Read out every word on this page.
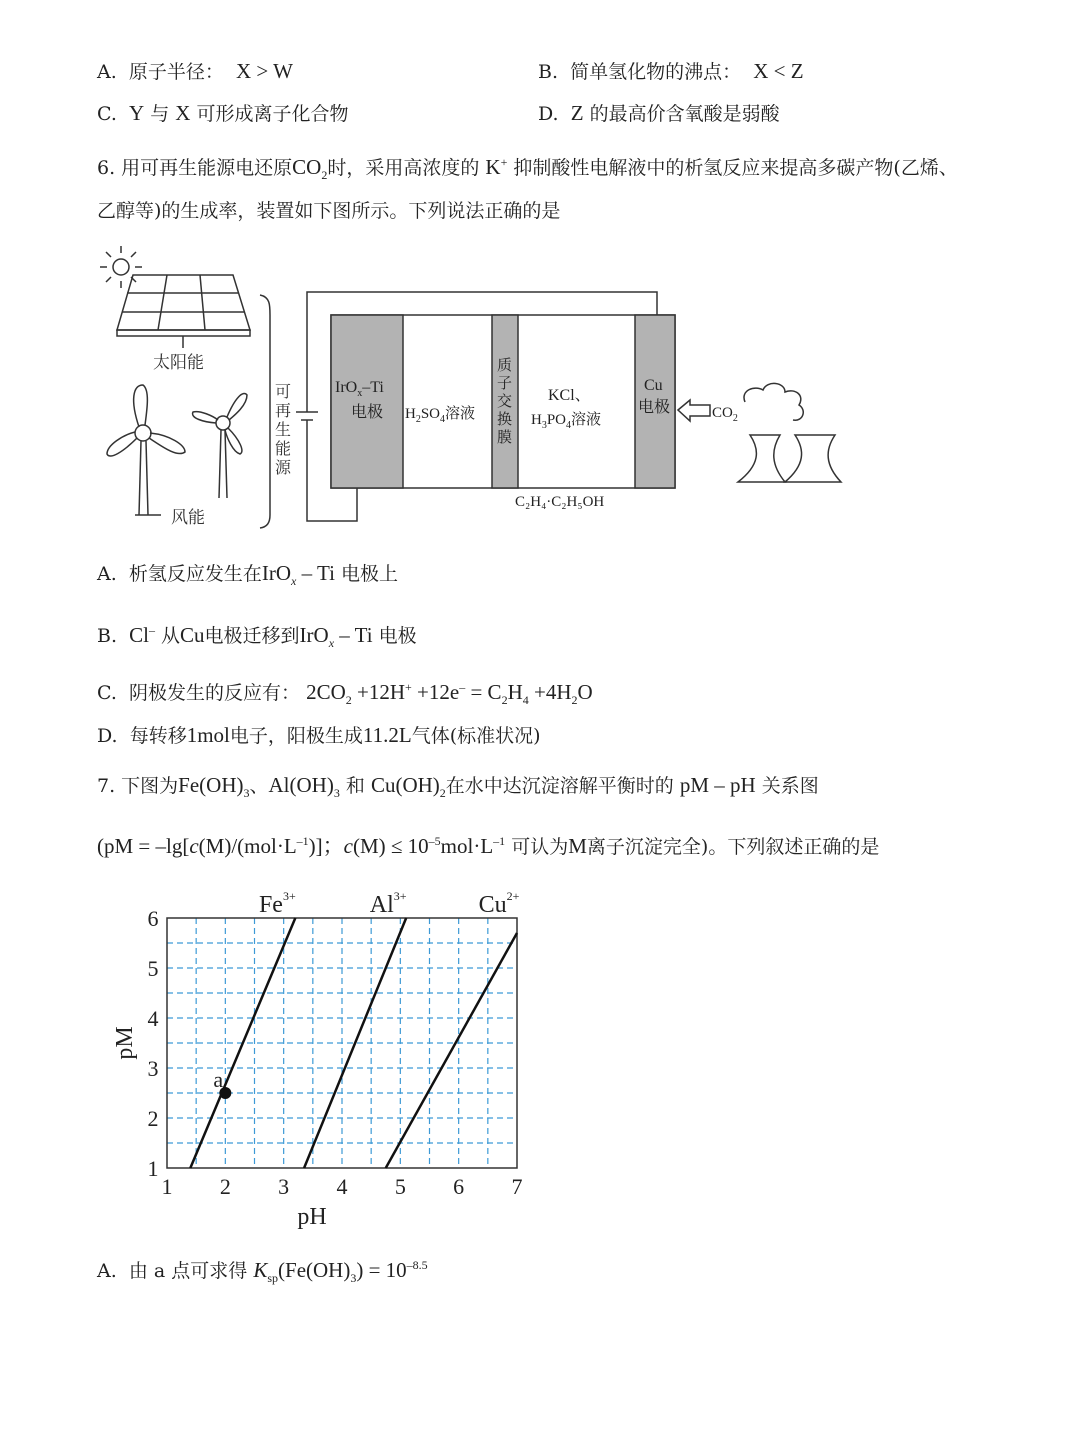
A. 原子半径： X > W	B. 简单氢化物的沸点： X < Z
C. Y 与 X 可形成离子化合物	D. Z 的最高价含氧酸是弱酸
6. 用可再生能源电还原$CO_2$时，采用高浓度的 K+ 抑制酸性电解液中的析氢反应来提高多碳产物(乙烯、
乙醇等)的生成率，装置如下图所示。下列说法正确的是
太阳能
风能
可
再
生
能
源
IrO$_x$–Ti
电极 $H_2SO_4$溶液
质
子
交
换
膜
KCl、
$H_3PO_4$溶液
Cu
电极
C₂H₄·C₂H₅OH
$CO_2$
A. 析氢反应发生在IrO$_x$ – Ti 电极上
B. Cl– 从Cu电极迁移到IrO$_x$ – Ti 电极
C. 阴极发生的反应有： $2CO_2 +12H^+ +12e^- = C_2H_4 +4H_2O$
D. 每转移1mol电子，阳极生成11.2L气体(标准状况)
7. 下图为$Fe(OH)_3$、$Al(OH)_3$ 和 $Cu(OH)_2$在水中达沉淀溶解平衡时的 pM – pH 关系图
($pM = -\lg[c(M)/(mol\cdot L^{-1})]$；$c(M) \le 10^{-5}mol\cdot L^{-1}$ 可认为M离子沉淀完全)。下列叙述正确的是
1 2 3 4 5 6 7
1
2
3
4
5
6
pH
pM
$Fe^{3+}$	$Al^{3+}$	$Cu^{2+}$
a
A. 由 a 点可求得 $K_{sp}(Fe(OH)_3) = 10^{-8.5}$
